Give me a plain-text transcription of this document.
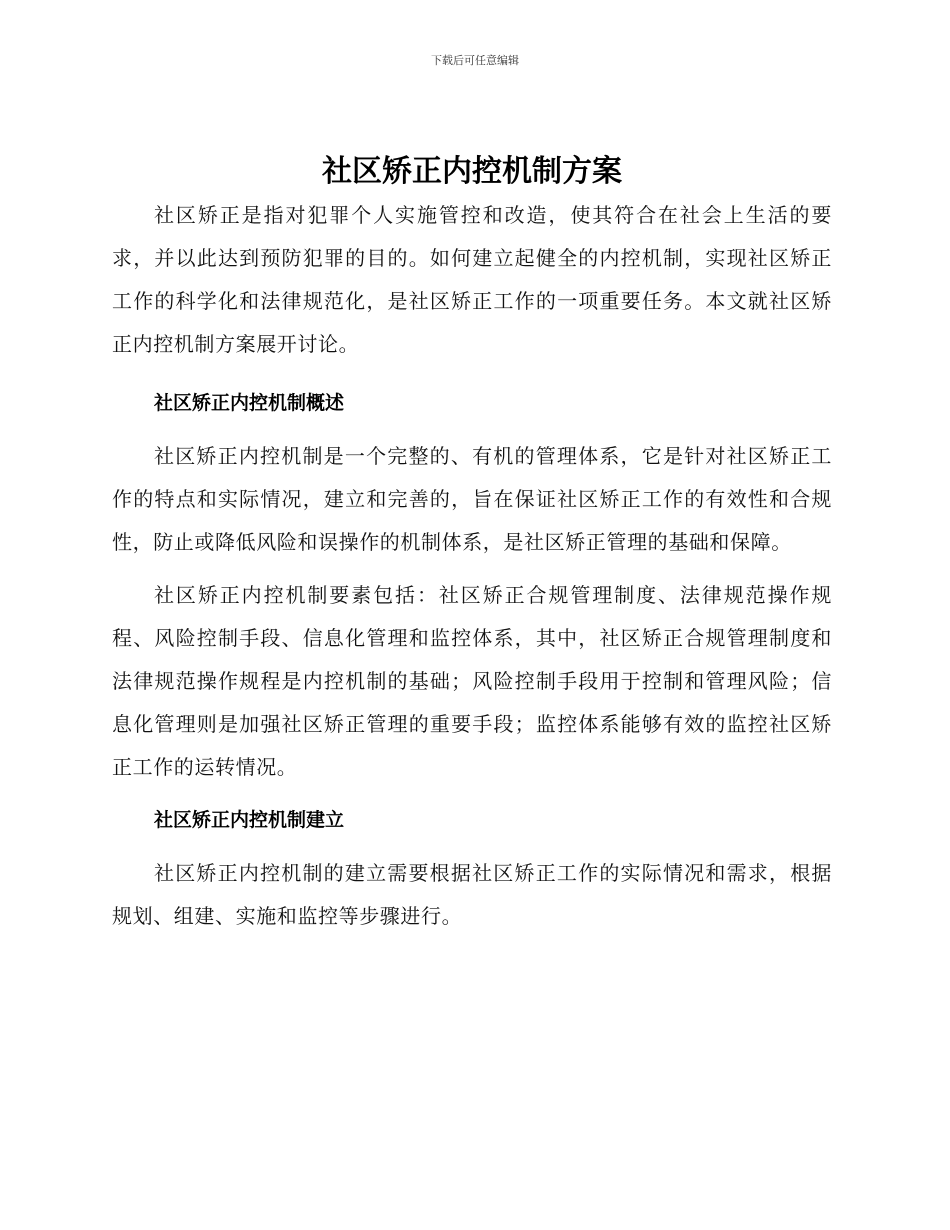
下载后可任意编辑
社区矫正内控机制方案

社区矫正是指对犯罪个人实施管控和改造，使其符合在社会上生活的要求，并以此达到预防犯罪的目的。如何建立起健全的内控机制，实现社区矫正工作的科学化和法律规范化，是社区矫正工作的一项重要任务。本文就社区矫正内控机制方案展开讨论。

社区矫正内控机制概述

社区矫正内控机制是一个完整的、有机的管理体系，它是针对社区矫正工作的特点和实际情况，建立和完善的，旨在保证社区矫正工作的有效性和合规性，防止或降低风险和误操作的机制体系，是社区矫正管理的基础和保障。

社区矫正内控机制要素包括：社区矫正合规管理制度、法律规范操作规程、风险控制手段、信息化管理和监控体系，其中，社区矫正合规管理制度和法律规范操作规程是内控机制的基础；风险控制手段用于控制和管理风险；信息化管理则是加强社区矫正管理的重要手段；监控体系能够有效的监控社区矫正工作的运转情况。

社区矫正内控机制建立

社区矫正内控机制的建立需要根据社区矫正工作的实际情况和需求，根据规划、组建、实施和监控等步骤进行。
